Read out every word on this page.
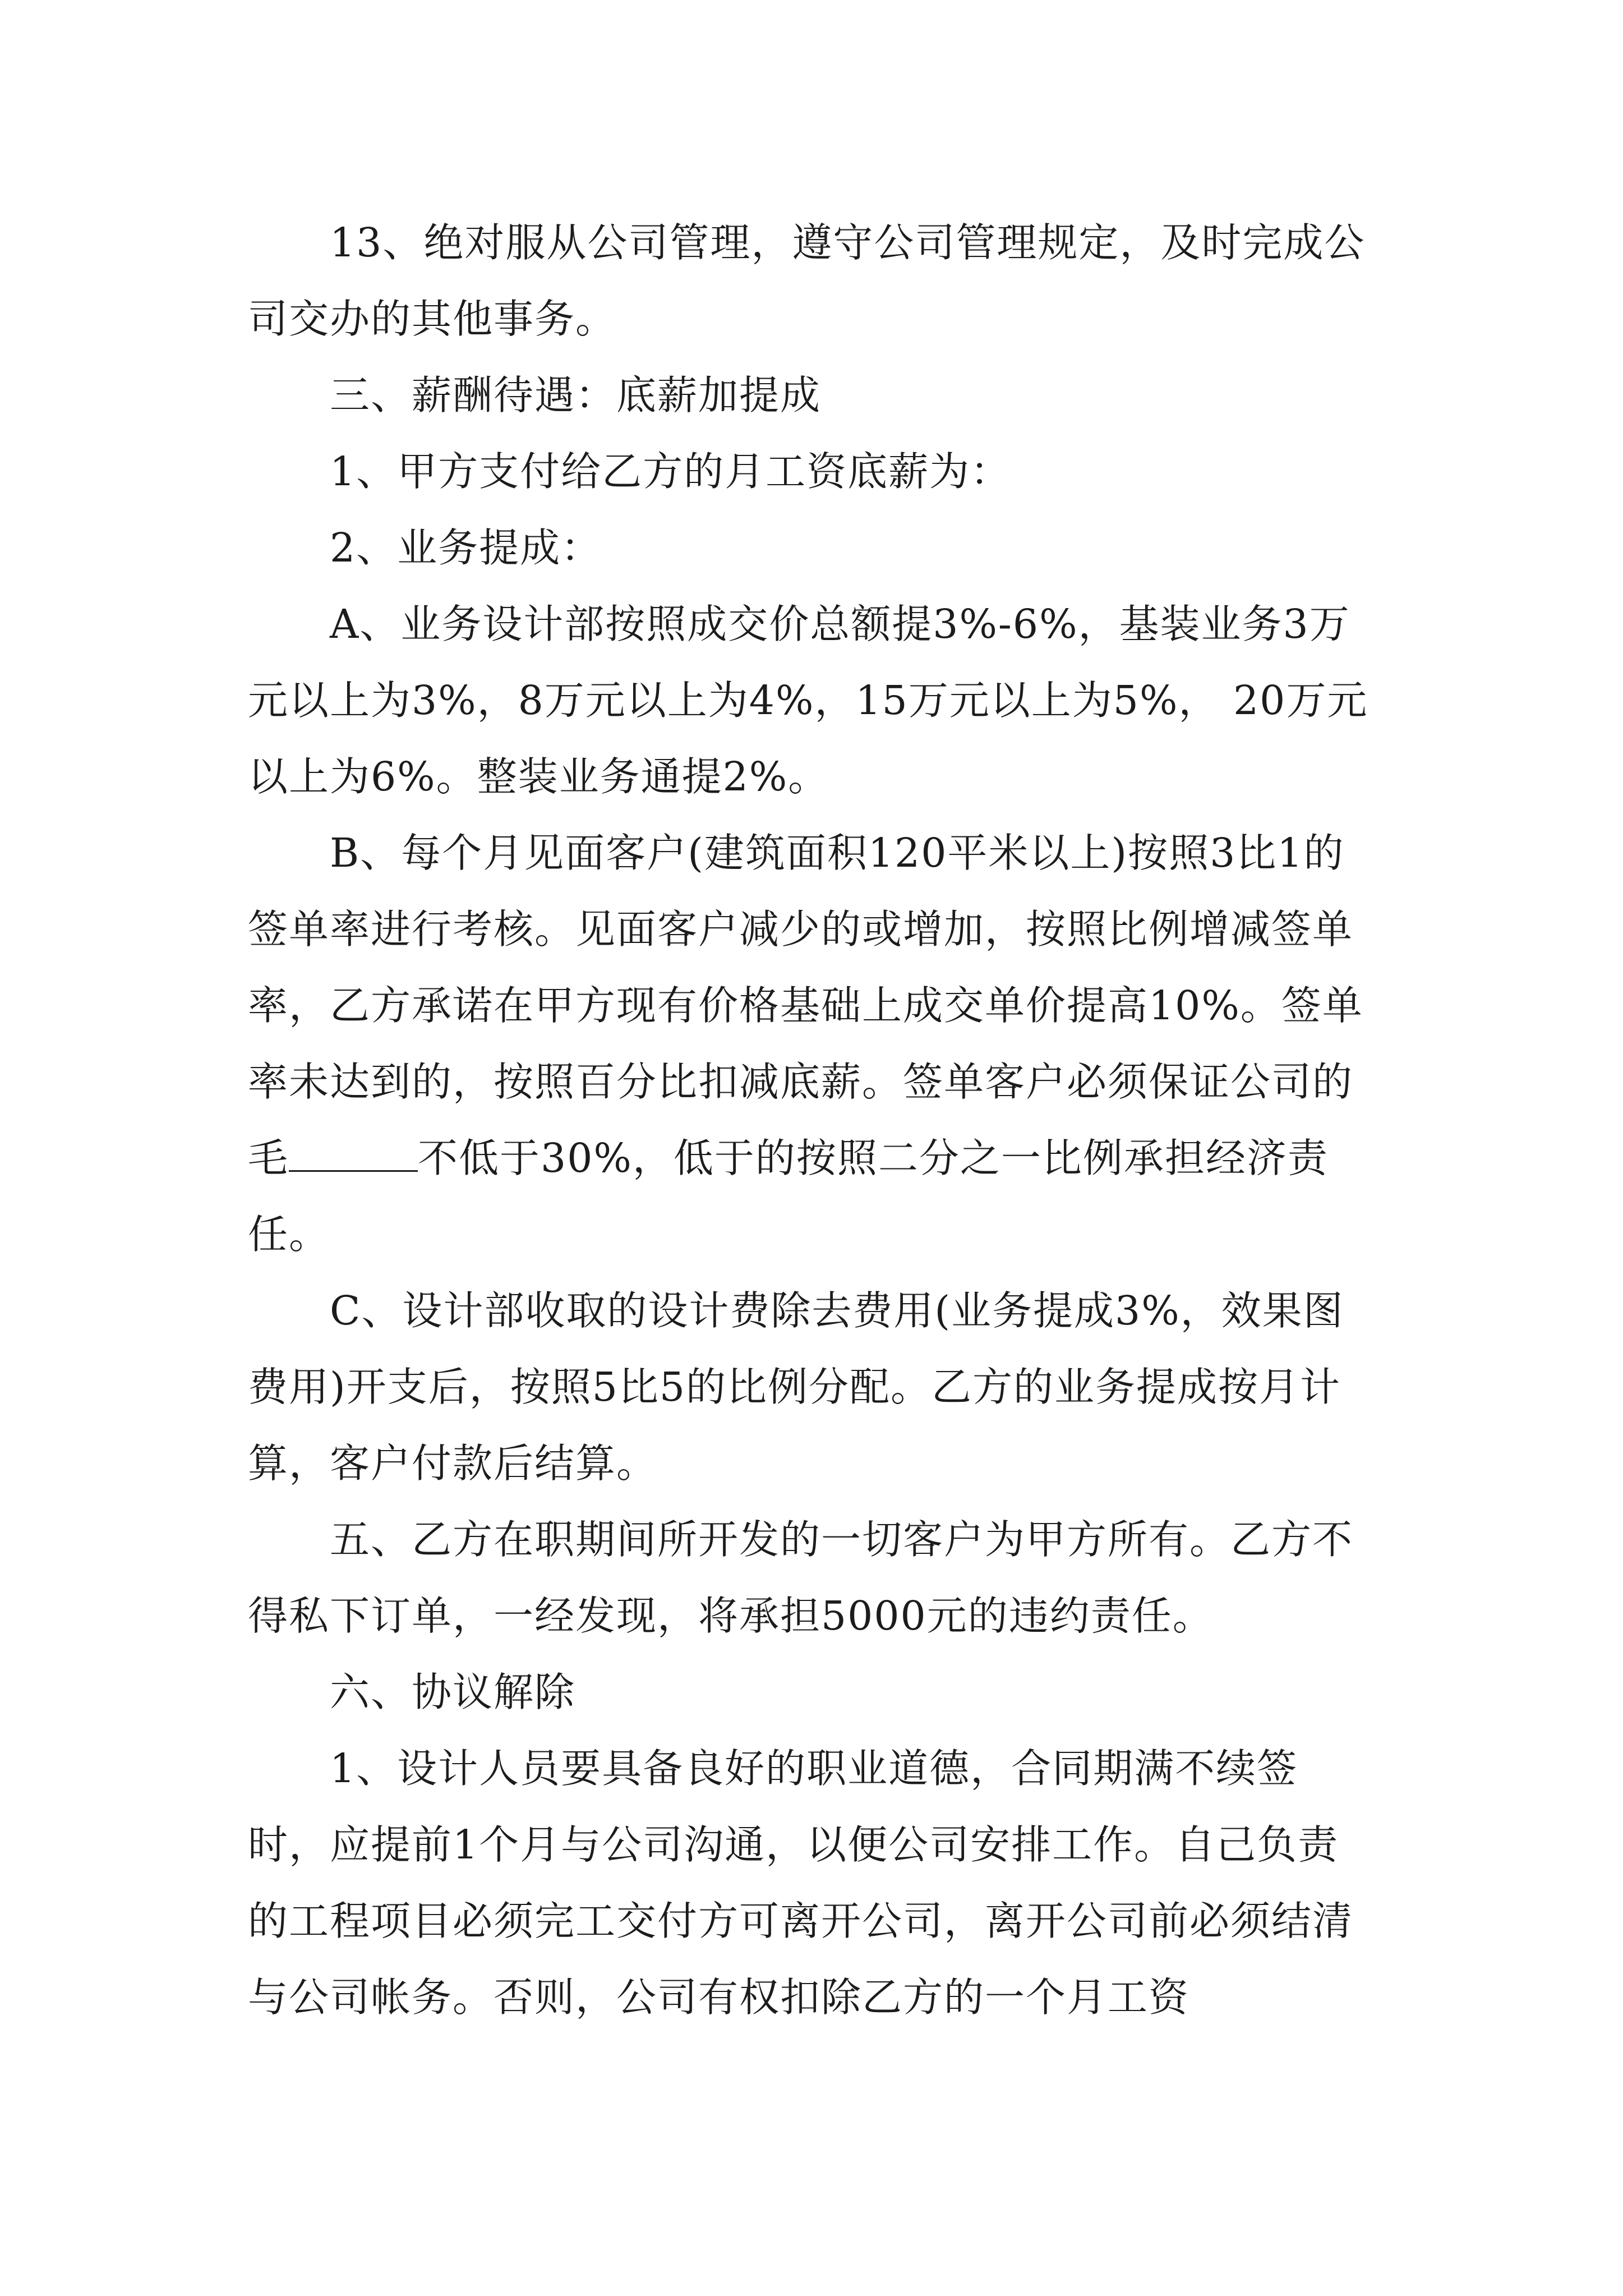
13、绝对服从公司管理，遵守公司管理规定，及时完成公司交办的其他事务。

三、薪酬待遇：底薪加提成

1、甲方支付给乙方的月工资底薪为：

2、业务提成：

A、业务设计部按照成交价总额提3%-6%，基装业务3万元以上为3%，8万元以上为4%，15万元以上为5%， 20万元以上为6%。整装业务通提2%。

B、每个月见面客户(建筑面积120平米以上)按照3比1的签单率进行考核。见面客户减少的或增加，按照比例增减签单率，乙方承诺在甲方现有价格基础上成交单价提高10%。签单率未达到的，按照百分比扣减底薪。签单客户必须保证公司的毛	不低于30%，低于的按照二分之一比例承担经济责任。

C、设计部收取的设计费除去费用(业务提成3%，效果图费用)开支后，按照5比5的比例分配。乙方的业务提成按月计算，客户付款后结算。

五、乙方在职期间所开发的一切客户为甲方所有。乙方不得私下订单，一经发现，将承担5000元的违约责任。

六、协议解除

1、设计人员要具备良好的职业道德，合同期满不续签时，应提前1个月与公司沟通，以便公司安排工作。自己负责的工程项目必须完工交付方可离开公司，离开公司前必须结清与公司帐务。否则，公司有权扣除乙方的一个月工资
